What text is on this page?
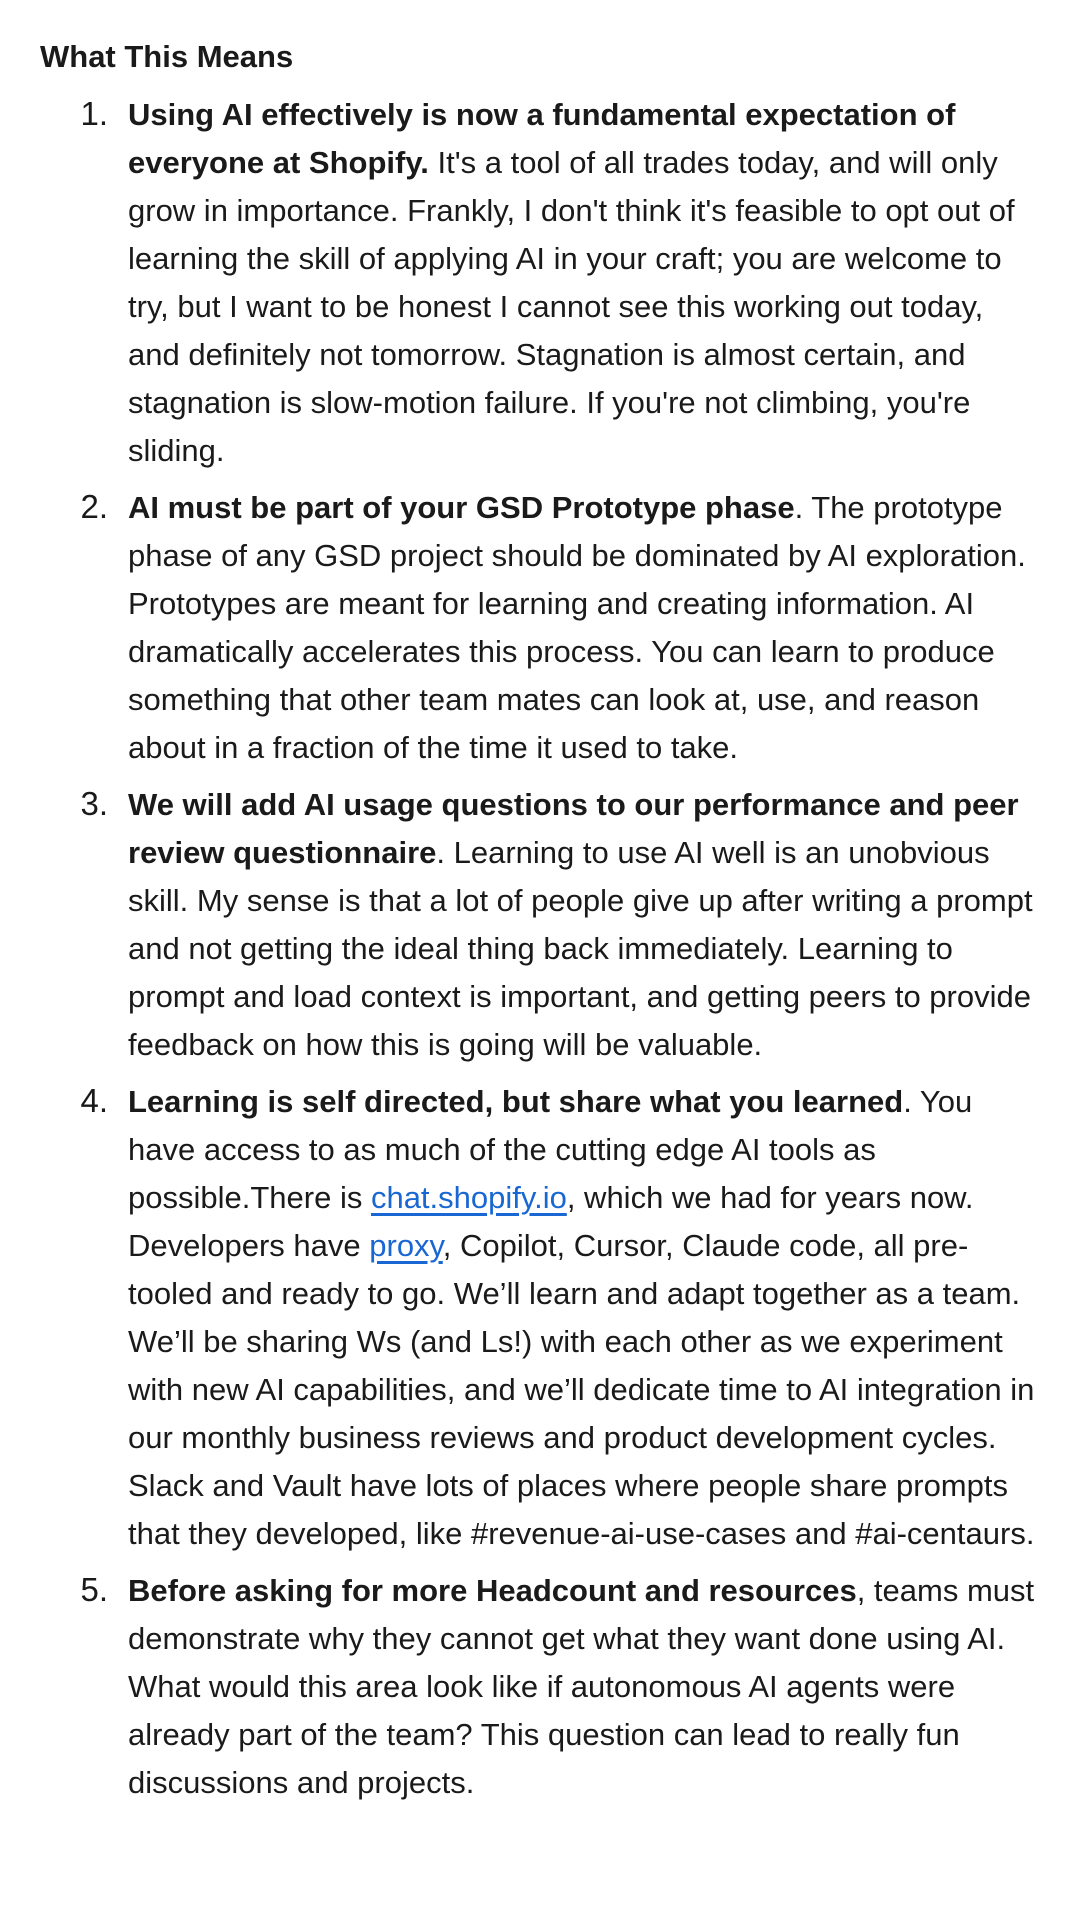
What This Means
1. Using AI effectively is now a fundamental expectation of everyone at Shopify. It's a tool of all trades today, and will only grow in importance. Frankly, I don't think it's feasible to opt out of learning the skill of applying AI in your craft; you are welcome to try, but I want to be honest I cannot see this working out today, and definitely not tomorrow. Stagnation is almost certain, and stagnation is slow-motion failure. If you're not climbing, you're sliding.
2. AI must be part of your GSD Prototype phase. The prototype phase of any GSD project should be dominated by AI exploration. Prototypes are meant for learning and creating information. AI dramatically accelerates this process. You can learn to produce something that other team mates can look at, use, and reason about in a fraction of the time it used to take.
3. We will add AI usage questions to our performance and peer review questionnaire. Learning to use AI well is an unobvious skill. My sense is that a lot of people give up after writing a prompt and not getting the ideal thing back immediately. Learning to prompt and load context is important, and getting peers to provide feedback on how this is going will be valuable.
4. Learning is self directed, but share what you learned. You have access to as much of the cutting edge AI tools as possible.There is chat.shopify.io, which we had for years now. Developers have proxy, Copilot, Cursor, Claude code, all pre-tooled and ready to go. We’ll learn and adapt together as a team. We’ll be sharing Ws (and Ls!) with each other as we experiment with new AI capabilities, and we’ll dedicate time to AI integration in our monthly business reviews and product development cycles. Slack and Vault have lots of places where people share prompts that they developed, like #revenue-ai-use-cases and #ai-centaurs.
5. Before asking for more Headcount and resources, teams must demonstrate why they cannot get what they want done using AI. What would this area look like if autonomous AI agents were already part of the team? This question can lead to really fun discussions and projects.
